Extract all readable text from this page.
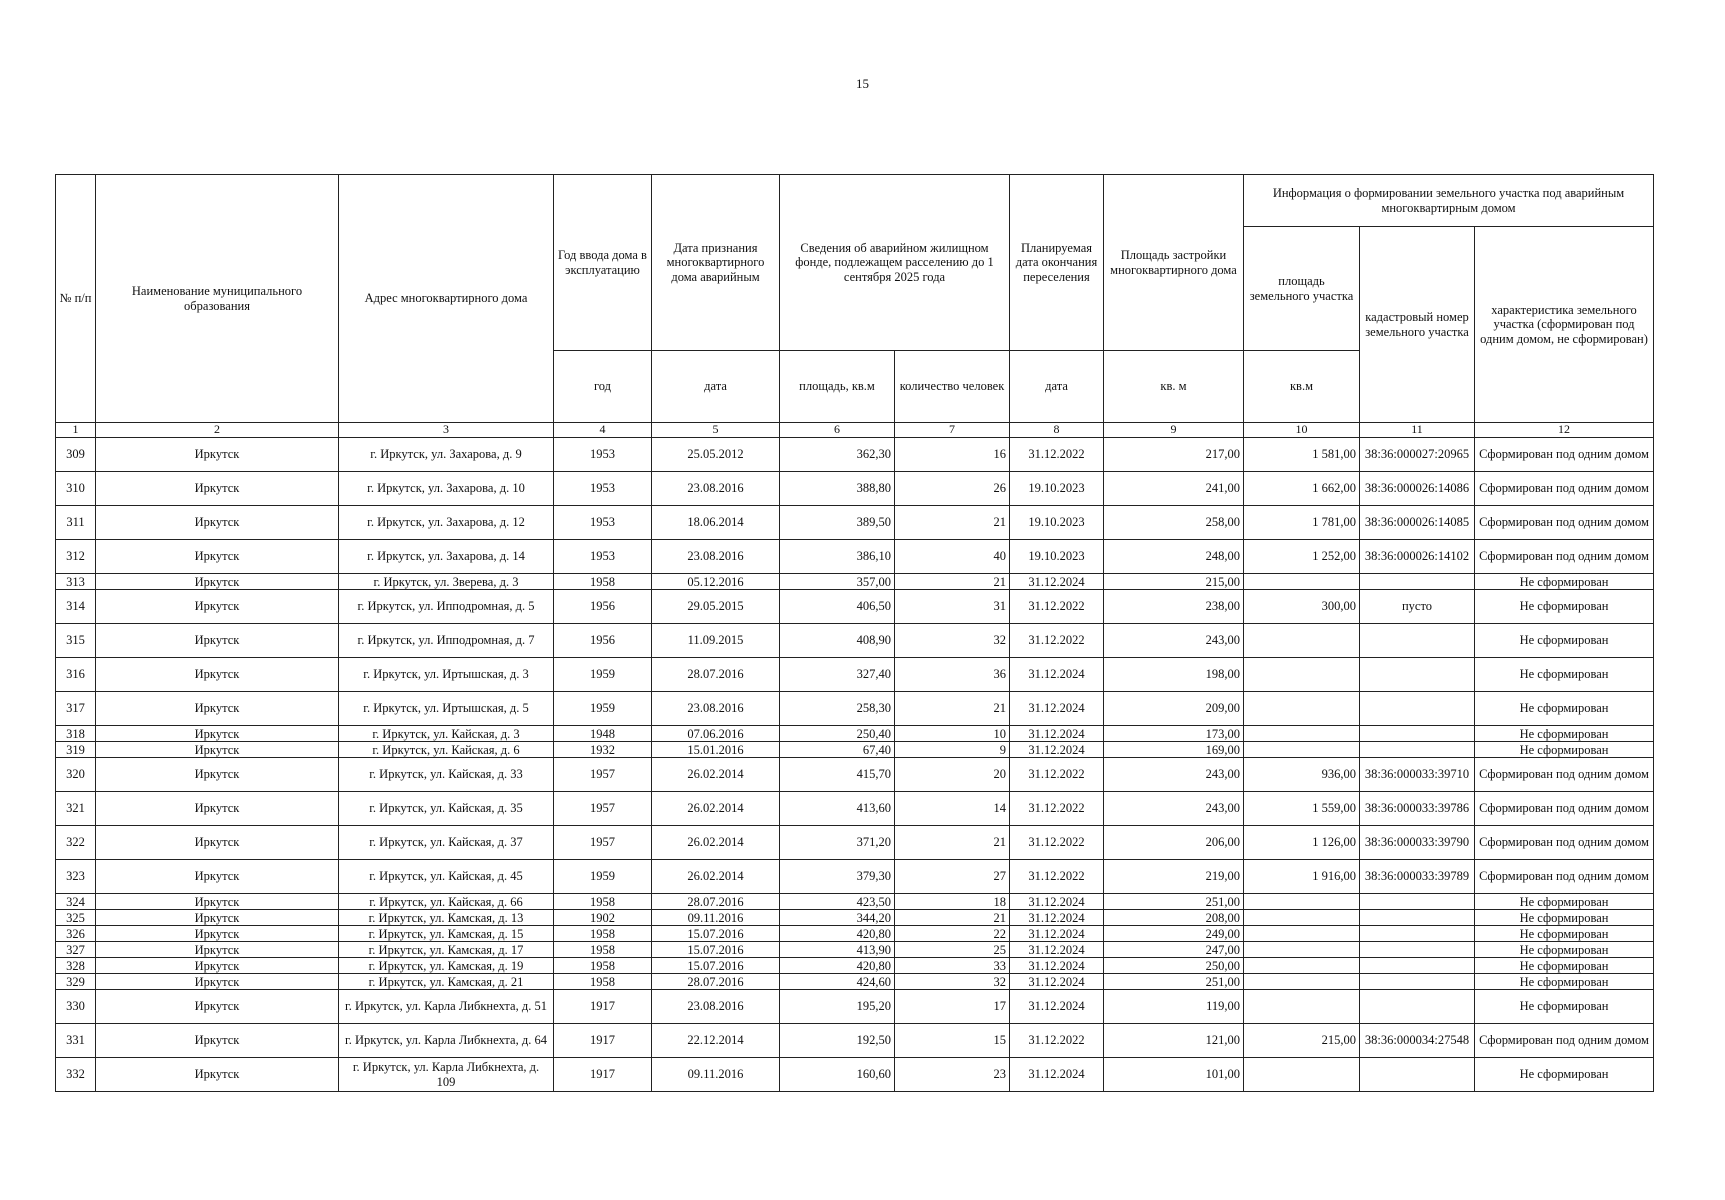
15
№ п/п	Наименование муниципального образования	Адрес многоквартирного дома	Год ввода дома в эксплуатацию	Дата признания многоквартирного дома аварийным	Сведения об аварийном жилищном фонде, подлежащем расселению до 1 сентября 2025 года		Планируемая дата окончания переселения	Площадь застройки многоквартирного дома	Информация о формировании земельного участка под аварийным многоквартирным домом		
									площадь земельного участка	кадастровый номер земельного участка	характеристика земельного участка (сформирован под одним домом, не сформирован)
			год	дата	площадь, кв.м	количество человек	дата	кв. м	кв.м		
1	2	3	4	5	6	7	8	9	10	11	12
309	Иркутск	г. Иркутск, ул. Захарова, д. 9	1953	25.05.2012	362,30	16	31.12.2022	217,00	1 581,00	38:36:000027:20965	Сформирован под одним домом
310	Иркутск	г. Иркутск, ул. Захарова, д. 10	1953	23.08.2016	388,80	26	19.10.2023	241,00	1 662,00	38:36:000026:14086	Сформирован под одним домом
311	Иркутск	г. Иркутск, ул. Захарова, д. 12	1953	18.06.2014	389,50	21	19.10.2023	258,00	1 781,00	38:36:000026:14085	Сформирован под одним домом
312	Иркутск	г. Иркутск, ул. Захарова, д. 14	1953	23.08.2016	386,10	40	19.10.2023	248,00	1 252,00	38:36:000026:14102	Сформирован под одним домом
313	Иркутск	г. Иркутск, ул. Зверева, д. 3	1958	05.12.2016	357,00	21	31.12.2024	215,00			Не сформирован
314	Иркутск	г. Иркутск, ул. Ипподромная, д. 5	1956	29.05.2015	406,50	31	31.12.2022	238,00	300,00	пусто	Не сформирован
315	Иркутск	г. Иркутск, ул. Ипподромная, д. 7	1956	11.09.2015	408,90	32	31.12.2022	243,00			Не сформирован
316	Иркутск	г. Иркутск, ул. Иртышская, д. 3	1959	28.07.2016	327,40	36	31.12.2024	198,00			Не сформирован
317	Иркутск	г. Иркутск, ул. Иртышская, д. 5	1959	23.08.2016	258,30	21	31.12.2024	209,00			Не сформирован
318	Иркутск	г. Иркутск, ул. Кайская, д. 3	1948	07.06.2016	250,40	10	31.12.2024	173,00			Не сформирован
319	Иркутск	г. Иркутск, ул. Кайская, д. 6	1932	15.01.2016	67,40	9	31.12.2024	169,00			Не сформирован
320	Иркутск	г. Иркутск, ул. Кайская, д. 33	1957	26.02.2014	415,70	20	31.12.2022	243,00	936,00	38:36:000033:39710	Сформирован под одним домом
321	Иркутск	г. Иркутск, ул. Кайская, д. 35	1957	26.02.2014	413,60	14	31.12.2022	243,00	1 559,00	38:36:000033:39786	Сформирован под одним домом
322	Иркутск	г. Иркутск, ул. Кайская, д. 37	1957	26.02.2014	371,20	21	31.12.2022	206,00	1 126,00	38:36:000033:39790	Сформирован под одним домом
323	Иркутск	г. Иркутск, ул. Кайская, д. 45	1959	26.02.2014	379,30	27	31.12.2022	219,00	1 916,00	38:36:000033:39789	Сформирован под одним домом
324	Иркутск	г. Иркутск, ул. Кайская, д. 66	1958	28.07.2016	423,50	18	31.12.2024	251,00			Не сформирован
325	Иркутск	г. Иркутск, ул. Камская, д. 13	1902	09.11.2016	344,20	21	31.12.2024	208,00			Не сформирован
326	Иркутск	г. Иркутск, ул. Камская, д. 15	1958	15.07.2016	420,80	22	31.12.2024	249,00			Не сформирован
327	Иркутск	г. Иркутск, ул. Камская, д. 17	1958	15.07.2016	413,90	25	31.12.2024	247,00			Не сформирован
328	Иркутск	г. Иркутск, ул. Камская, д. 19	1958	15.07.2016	420,80	33	31.12.2024	250,00			Не сформирован
329	Иркутск	г. Иркутск, ул. Камская, д. 21	1958	28.07.2016	424,60	32	31.12.2024	251,00			Не сформирован
330	Иркутск	г. Иркутск, ул. Карла Либкнехта, д. 51	1917	23.08.2016	195,20	17	31.12.2024	119,00			Не сформирован
331	Иркутск	г. Иркутск, ул. Карла Либкнехта, д. 64	1917	22.12.2014	192,50	15	31.12.2022	121,00	215,00	38:36:000034:27548	Сформирован под одним домом
332	Иркутск	г. Иркутск, ул. Карла Либкнехта, д. 109	1917	09.11.2016	160,60	23	31.12.2024	101,00			Не сформирован
